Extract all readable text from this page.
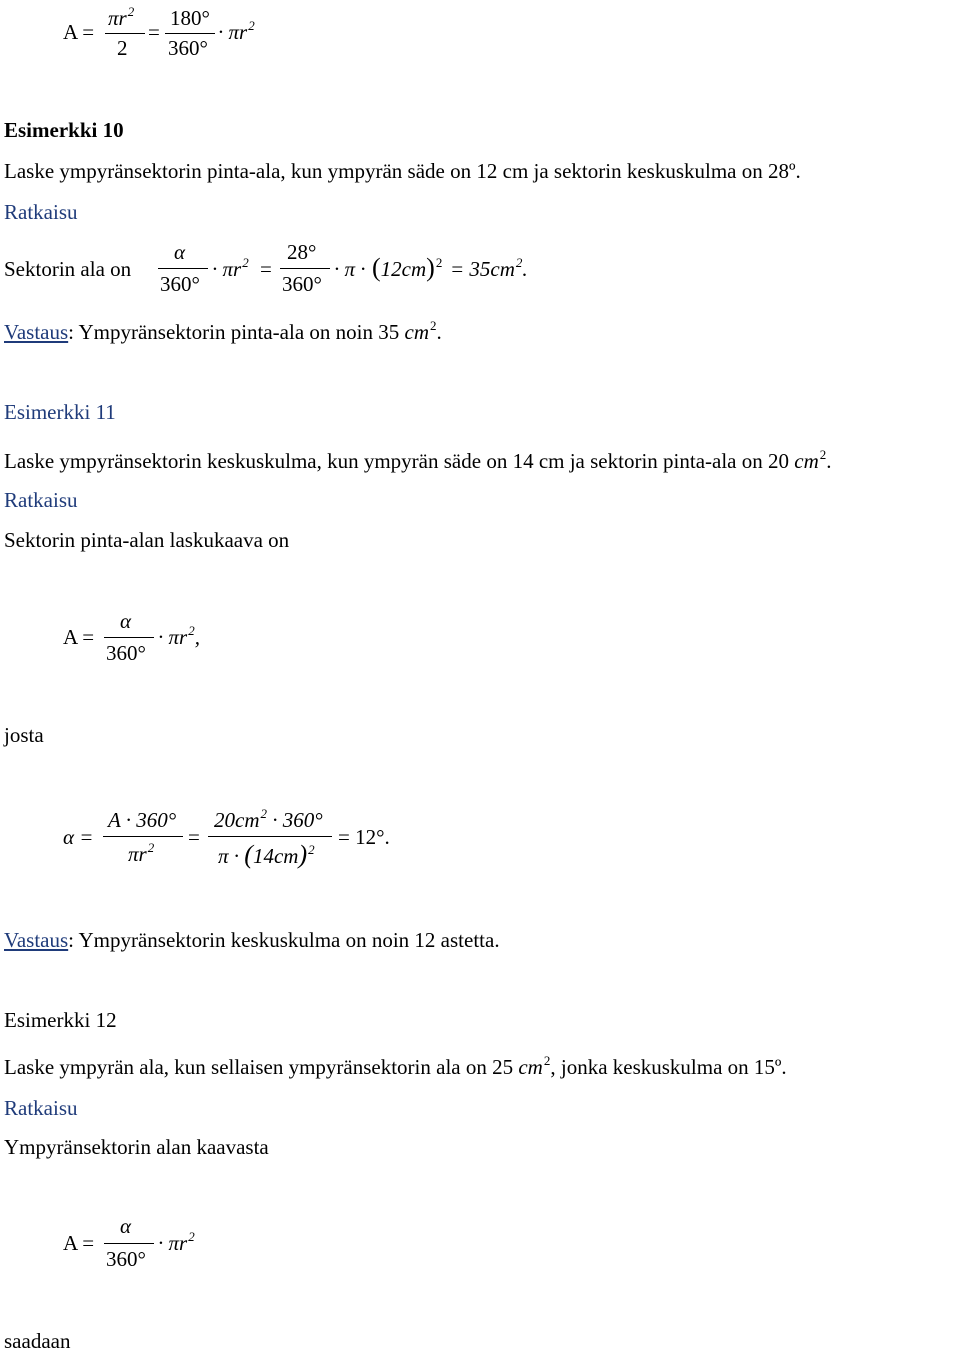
A =
$\pi r^2$
2
=
180°
360°
· $\pi r^2$
Esimerkki 10
Laske ympyränsektorin pinta-ala, kun ympyrän säde on 12 cm ja sektorin keskuskulma on 28º.
Ratkaisu
Sektorin ala on
α
360°
· $\pi r^2$ =
28°
360°
· $\pi \cdot (12cm)^2 = 35cm^2$.
Vastaus: Ympyränsektorin pinta-ala on noin 35 $cm^2$.
Esimerkki 11
Laske ympyränsektorin keskuskulma, kun ympyrän säde on 14 cm ja sektorin pinta-ala on 20 $cm^2$.
Ratkaisu
Sektorin pinta-alan laskukaava on
A =
α
360°
· $\pi r^2$,
josta
α =
A · 360°
$\pi r^2$ =
$20cm^2 \cdot 360^\circ$
$\pi \cdot (14cm)^2$
= 12°.
Vastaus: Ympyränsektorin keskuskulma on noin 12 astetta.
Esimerkki 12
Laske ympyrän ala, kun sellaisen ympyränsektorin ala on 25 $cm^2$, jonka keskuskulma on 15º.
Ratkaisu
Ympyränsektorin alan kaavasta
A =
α
360°
· $\pi r^2$
saadaan
